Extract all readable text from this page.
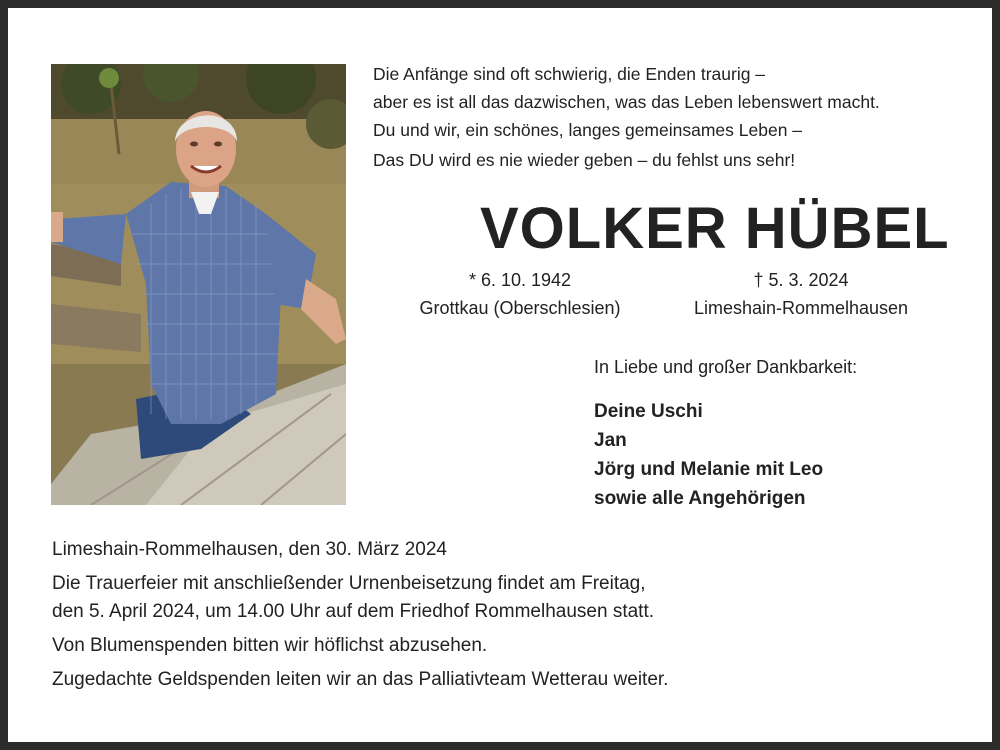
Die Anfänge sind oft schwierig, die Enden traurig –
aber es ist all das dazwischen, was das Leben lebenswert macht.
Du und wir, ein schönes, langes gemeinsames Leben –
Das DU wird es nie wieder geben – du fehlst uns sehr!
VOLKER HÜBEL
* 6. 10. 1942
Grottkau (Oberschlesien)
† 5. 3. 2024
Limeshain-Rommelhausen
In Liebe und großer Dankbarkeit:
Deine Uschi
Jan
Jörg und Melanie mit Leo
sowie alle Angehörigen
Limeshain-Rommelhausen, den 30. März 2024
Die Trauerfeier mit anschließender Urnenbeisetzung findet am Freitag,
den 5. April 2024, um 14.00 Uhr auf dem Friedhof Rommelhausen statt.
Von Blumenspenden bitten wir höflichst abzusehen.
Zugedachte Geldspenden leiten wir an das Palliativteam Wetterau weiter.
